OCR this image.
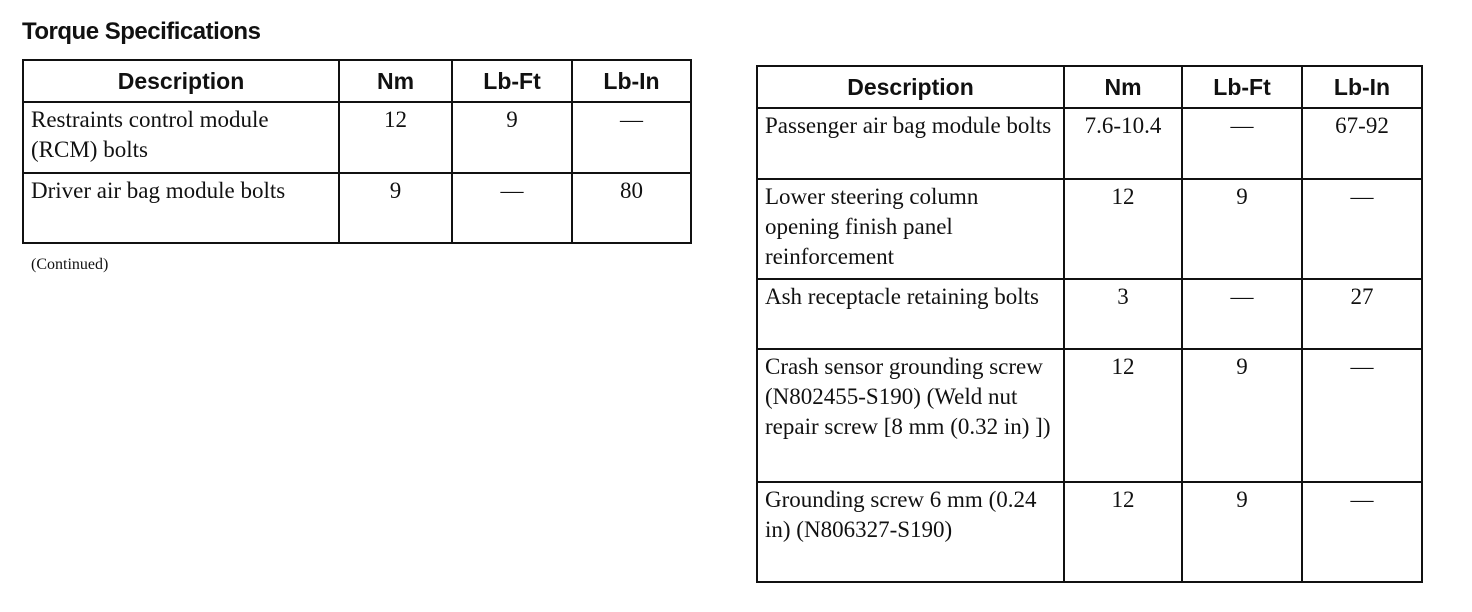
Torque Specifications
Description	Nm	Lb-Ft	Lb-In
Restraints control module (RCM) bolts	12	9	—
Driver air bag module bolts	9	—	80
(Continued)
Description	Nm	Lb-Ft	Lb-In
Passenger air bag module bolts	7.6-10.4	—	67-92
Lower steering column opening finish panel reinforcement	12	9	—
Ash receptacle retaining bolts	3	—	27
Crash sensor grounding screw (N802455-S190) (Weld nut repair screw [8 mm (0.32 in) ])	12	9	—
Grounding screw 6 mm (0.24 in) (N806327-S190)	12	9	—
